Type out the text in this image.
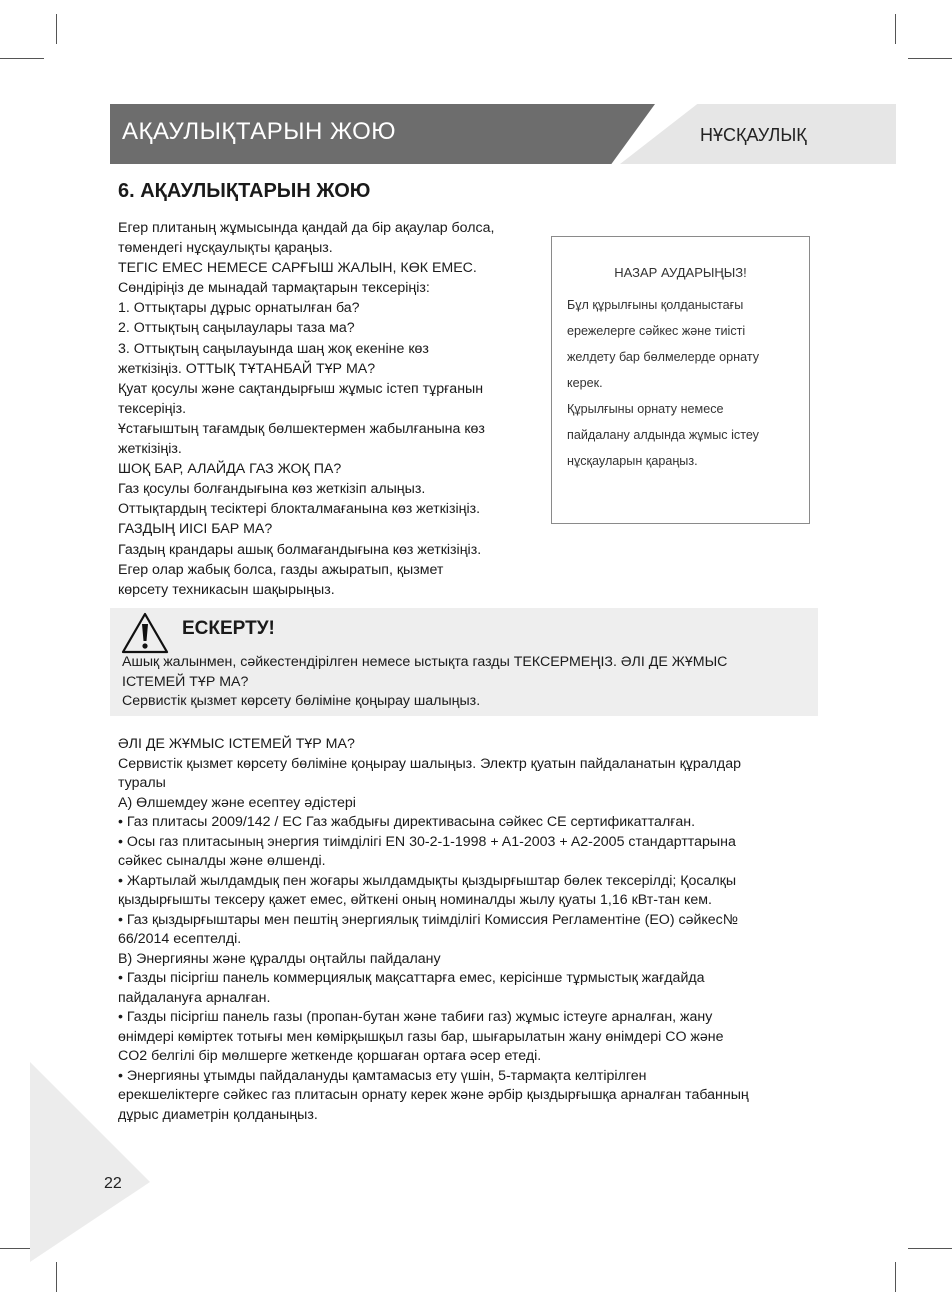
АҚАУЛЫҚТАРЫН ЖОЮ	НҰСҚАУЛЫҚ
6. АҚАУЛЫҚТАРЫН ЖОЮ
Егер плитаның жұмысында қандай да бір ақаулар болса,
төмендегі нұсқаулықты қараңыз.
ТЕГІС ЕМЕС НЕМЕСЕ САРҒЫШ ЖАЛЫН, КӨК ЕМЕС.
Сөндіріңіз де мынадай тармақтарын тексеріңіз:
1. Оттықтары дұрыс орнатылған ба?
2. Оттықтың саңылаулары таза ма?
3. Оттықтың саңылауында шаң жоқ екеніне көз
жеткізіңіз. ОТТЫҚ ТҰТАНБАЙ ТҰР МА?
Қуат қосулы және сақтандырғыш жұмыс істеп тұрғанын
тексеріңіз.
Ұстағыштың тағамдық бөлшектермен жабылғанына көз
жеткізіңіз.
ШОҚ БАР, АЛАЙДА ГАЗ ЖОҚ ПА?
Газ қосулы болғандығына көз жеткізіп алыңыз.
Оттықтардың тесіктері блокталмағанына көз жеткізіңіз.
ГАЗДЫҢ ИІСІ БАР МА?
Газдың крандары ашық болмағандығына көз жеткізіңіз.
Егер олар жабық болса, газды ажыратып, қызмет
көрсету техникасын шақырыңыз.
НАЗАР АУДАРЫҢЫЗ!
Бұл құрылғыны қолданыстағы
ережелерге сәйкес және тиісті
желдету бар бөлмелерде орнату
керек.
Құрылғыны орнату немесе
пайдалану алдында жұмыс істеу
нұсқауларын қараңыз.
ЕСКЕРТУ!
Ашық жалынмен, сәйкестендірілген немесе ыстықта газды ТЕКСЕРМЕҢІЗ. ӘЛІ ДЕ ЖҰМЫС
ІСТЕМЕЙ ТҰР МА?
Сервистік қызмет көрсету бөліміне қоңырау шалыңыз.
ӘЛІ ДЕ ЖҰМЫС ІСТЕМЕЙ ТҰР МА?
Сервистік қызмет көрсету бөліміне қоңырау шалыңыз. Электр қуатын пайдаланатын құралдар
туралы
А) Өлшемдеу және есептеу әдістері
• Газ плитасы 2009/142 / ЕС Газ жабдығы директивасына сәйкес CE сертификатталған.
• Осы газ плитасының энергия тиімділігі EN 30-2-1-1998 + A1-2003 + A2-2005 стандарттарына
сәйкес сыналды және өлшенді.
• Жартылай жылдамдық пен жоғары жылдамдықты қыздырғыштар бөлек тексерілді; Қосалқы
қыздырғышты тексеру қажет емес, өйткені оның номиналды жылу қуаты 1,16 кВт-тан кем.
• Газ қыздырғыштары мен пештің энергиялық тиімділігі Комиссия Регламентіне (ЕО) сәйкес№
66/2014 есептелді.
B) Энергияны және құралды оңтайлы пайдалану
• Газды пісіргіш панель коммерциялық мақсаттарға емес, керісінше тұрмыстық жағдайда
пайдалануға арналған.
• Газды пісіргіш панель газы (пропан-бутан және табиғи газ) жұмыс істеуге арналған, жану
өнімдері көміртек тотығы мен көмірқышқыл газы бар, шығарылатын жану өнімдері CO және
CO2 белгілі бір мөлшерге жеткенде қоршаған ортаға әсер етеді.
• Энергияны ұтымды пайдалануды қамтамасыз ету үшін, 5-тармақта келтірілген
ерекшеліктерге сәйкес газ плитасын орнату керек және әрбір қыздырғышқа арналған табанның
дұрыс диаметрін қолданыңыз.
22
